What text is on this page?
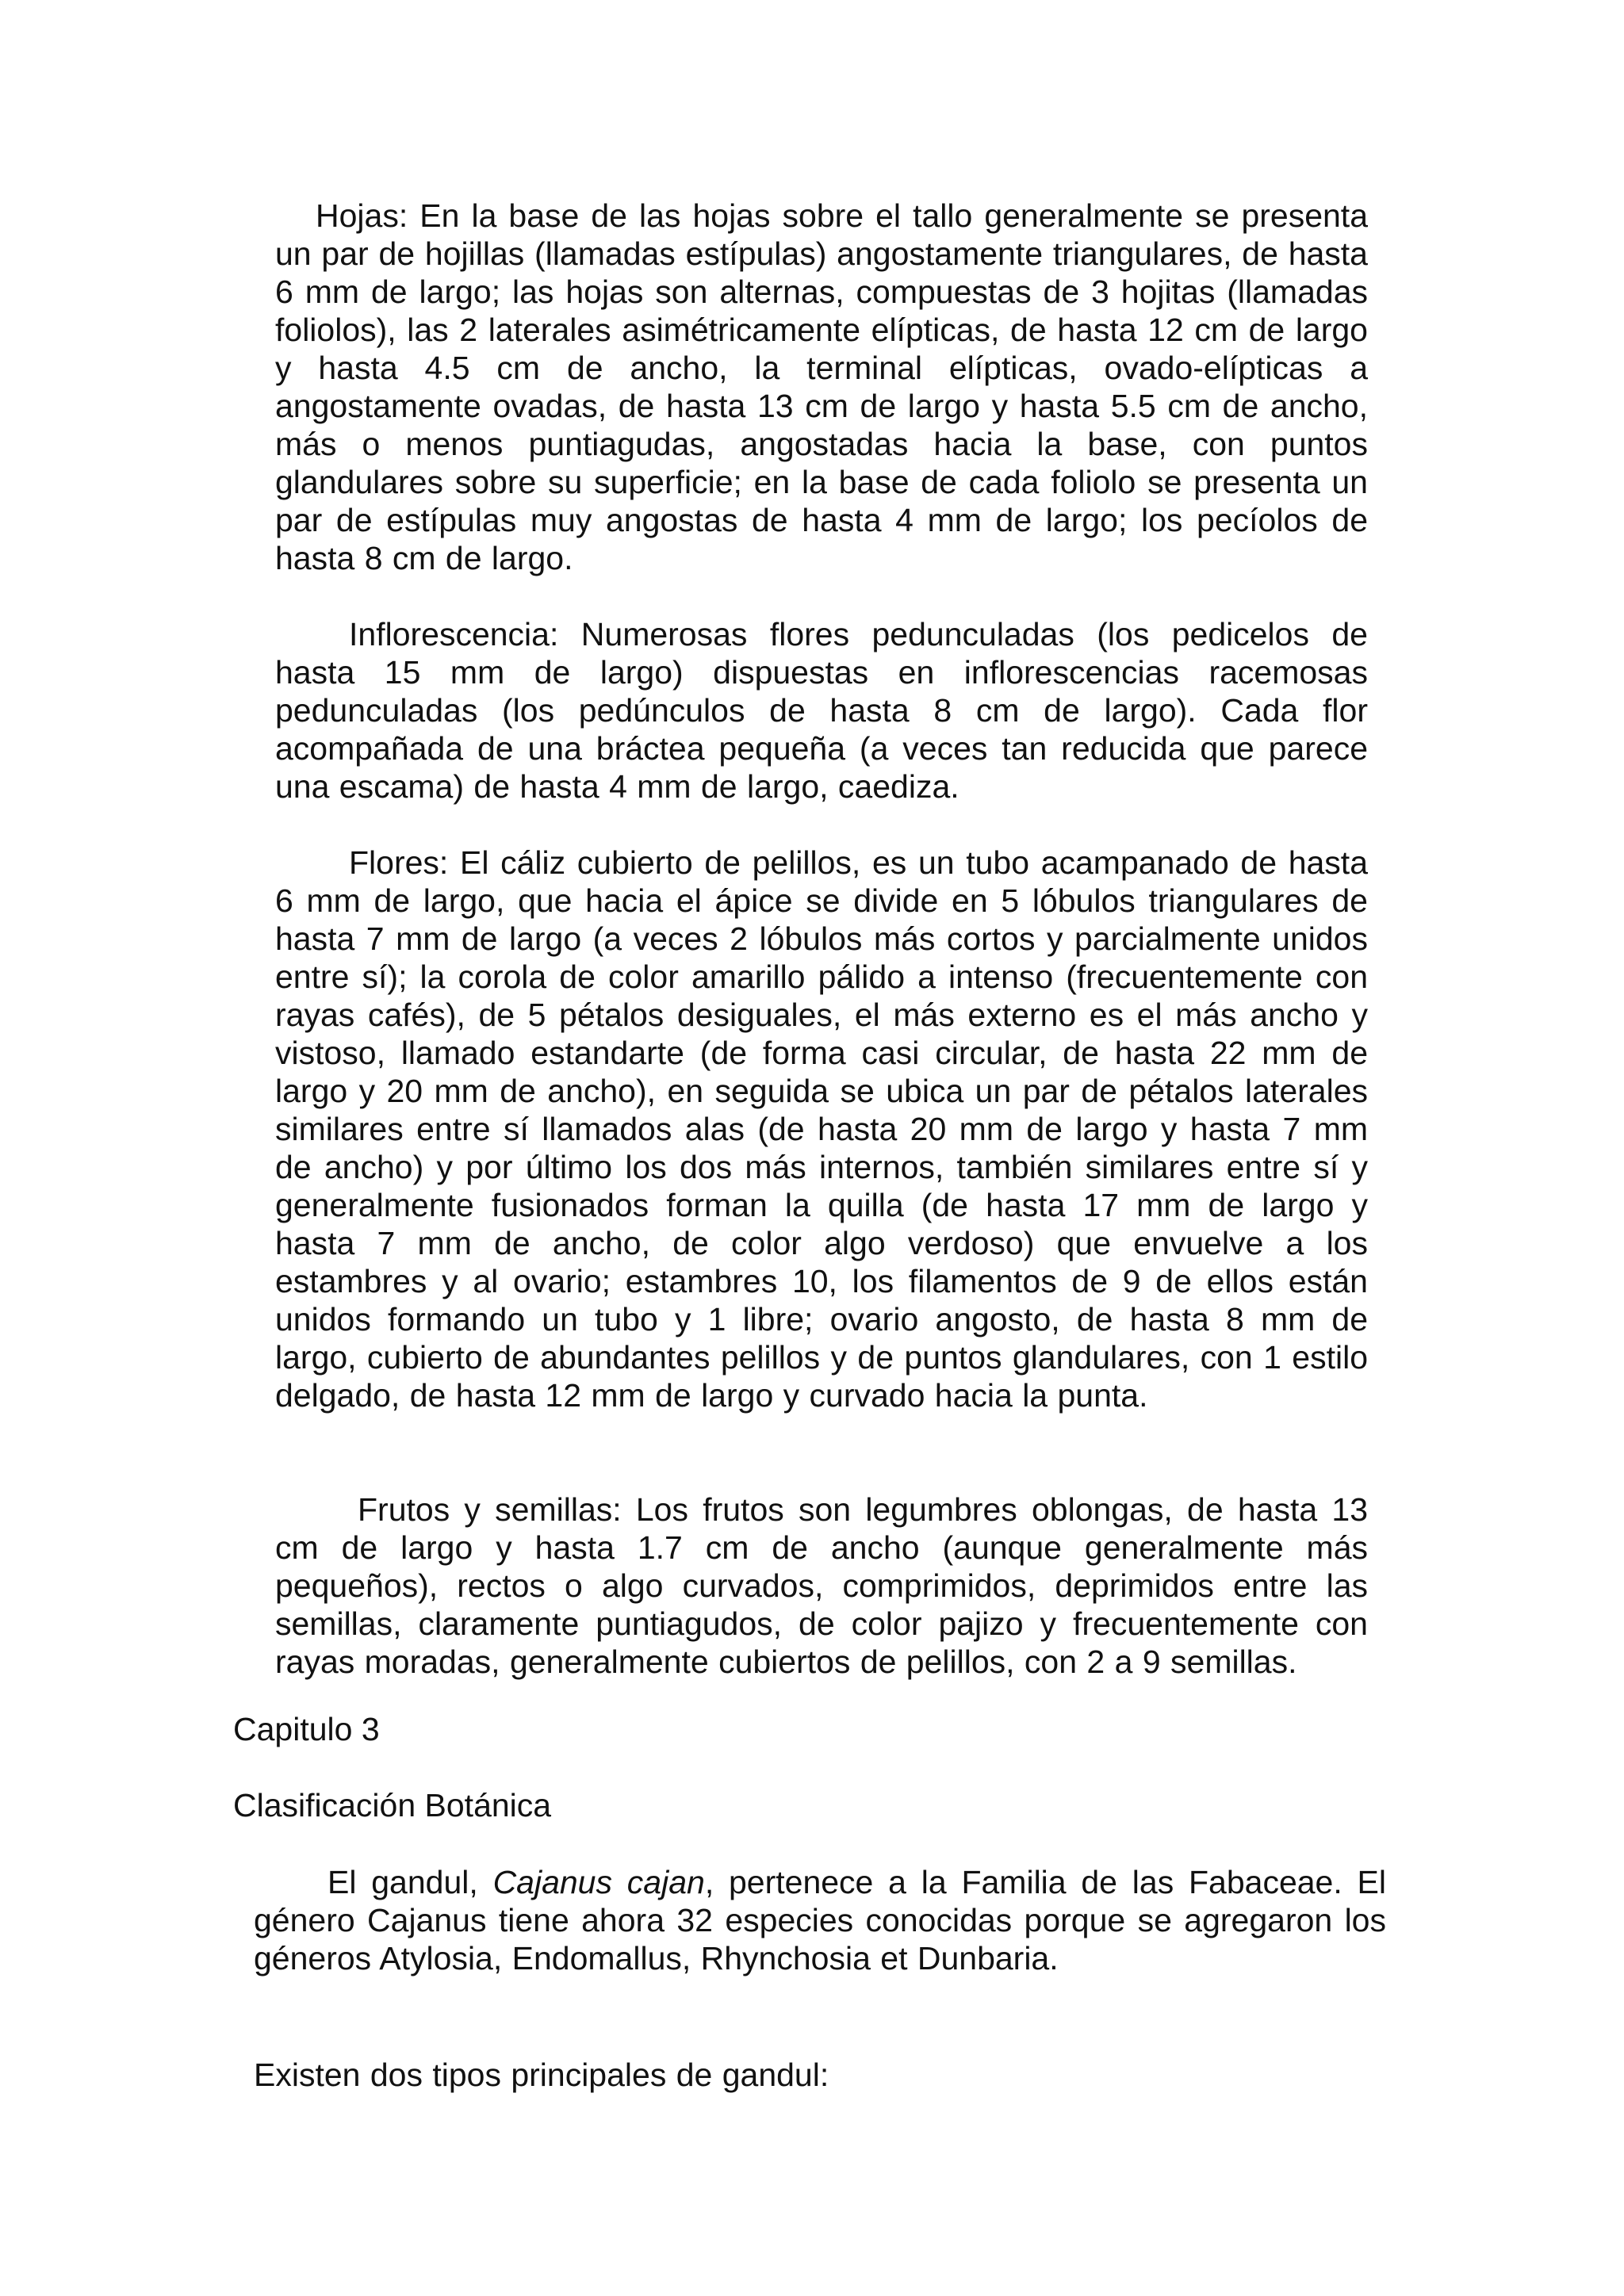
Hojas: En la base de las hojas sobre el tallo generalmente se presenta un par de hojillas (llamadas estípulas) angostamente triangulares, de hasta 6 mm de largo; las hojas son alternas, compuestas de 3 hojitas (llamadas foliolos), las 2 laterales asimétricamente elípticas, de hasta 12 cm de largo y hasta 4.5 cm de ancho, la terminal elípticas, ovado-elípticas a angostamente ovadas, de hasta 13 cm de largo y hasta 5.5 cm de ancho, más o menos puntiagudas, angostadas hacia la base, con puntos glandulares sobre su superficie; en la base de cada foliolo se presenta un par de estípulas muy angostas de hasta 4 mm de largo; los pecíolos de hasta 8 cm de largo.

Inflorescencia: Numerosas flores pedunculadas (los pedicelos de hasta 15 mm de largo) dispuestas en inflorescencias racemosas pedunculadas (los pedúnculos de hasta 8 cm de largo). Cada flor acompañada de una bráctea pequeña (a veces tan reducida que parece una escama) de hasta 4 mm de largo, caediza.

Flores: El cáliz cubierto de pelillos, es un tubo acampanado de hasta 6 mm de largo, que hacia el ápice se divide en 5 lóbulos triangulares de hasta 7 mm de largo (a veces 2 lóbulos más cortos y parcialmente unidos entre sí); la corola de color amarillo pálido a intenso (frecuentemente con rayas cafés), de 5 pétalos desiguales, el más externo es el más ancho y vistoso, llamado estandarte (de forma casi circular, de hasta 22 mm de largo y 20 mm de ancho), en seguida se ubica un par de pétalos laterales similares entre sí llamados alas (de hasta 20 mm de largo y hasta 7 mm de ancho) y por último los dos más internos, también similares entre sí y generalmente fusionados forman la quilla (de hasta 17 mm de largo y hasta 7 mm de ancho, de color algo verdoso) que envuelve a los estambres y al ovario; estambres 10, los filamentos de 9 de ellos están unidos formando un tubo y 1 libre; ovario angosto, de hasta 8 mm de largo, cubierto de abundantes pelillos y de puntos glandulares, con 1 estilo delgado, de hasta 12 mm de largo y curvado hacia la punta.

Frutos y semillas: Los frutos son legumbres oblongas, de hasta 13 cm de largo y hasta 1.7 cm de ancho (aunque generalmente más pequeños), rectos o algo curvados, comprimidos, deprimidos entre las semillas, claramente puntiagudos, de color pajizo y frecuentemente con rayas moradas, generalmente cubiertos de pelillos, con 2 a 9 semillas.

Capitulo 3

Clasificación Botánica

El gandul, Cajanus cajan, pertenece a la Familia de las Fabaceae. El género Cajanus tiene ahora 32 especies conocidas porque se agregaron los géneros Atylosia, Endomallus, Rhynchosia et Dunbaria.

Existen dos tipos principales de gandul:
